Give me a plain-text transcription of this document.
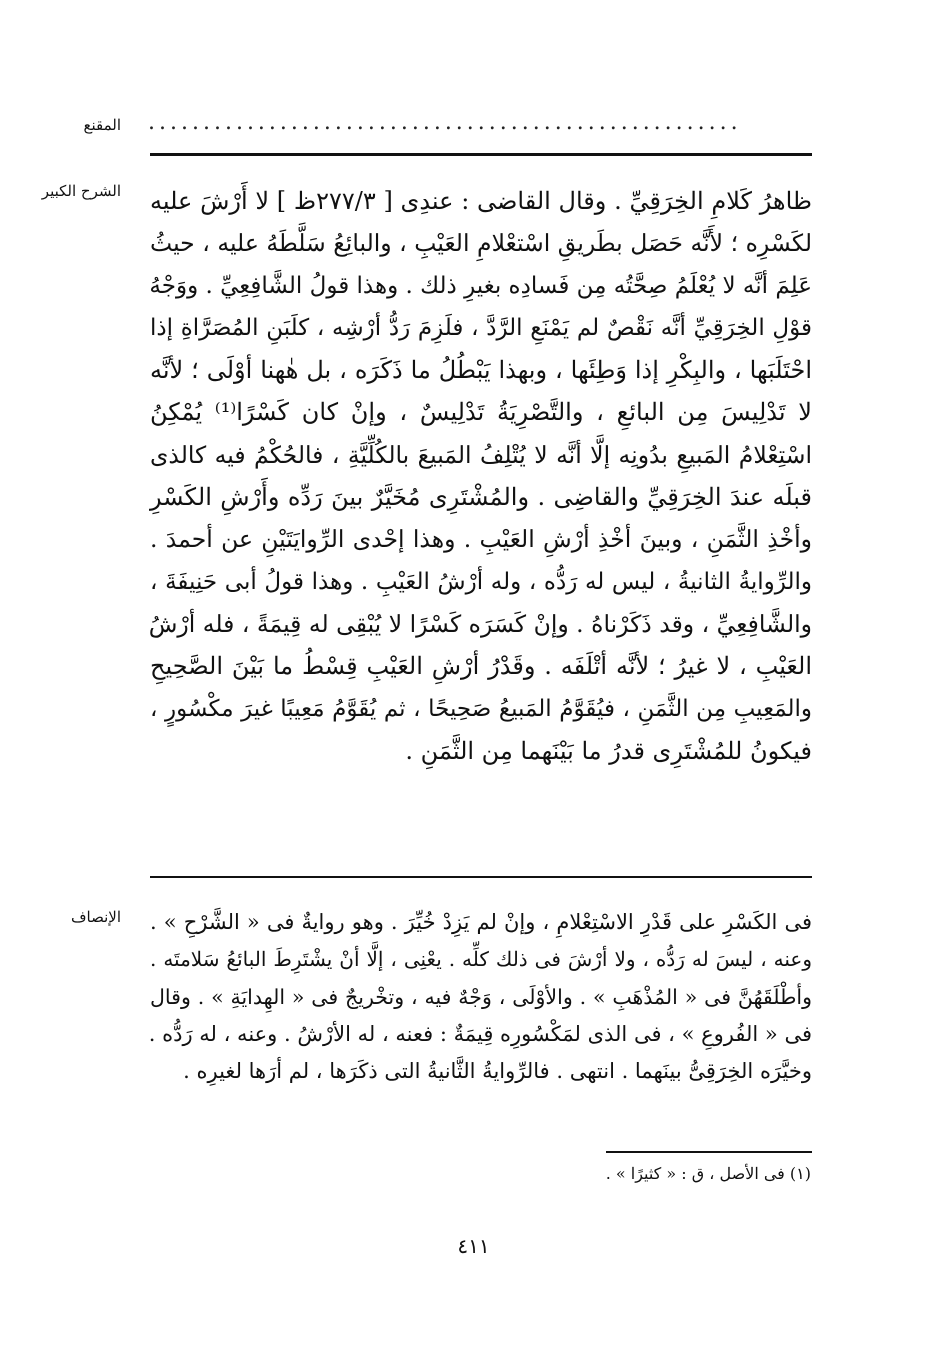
المقنع ......................................................
الشرح الكبير ظاهرُ كَلامِ الخِرَقِيِّ . وقال القاضى : عندِى [ ٢٧٧/٣ظ ] لا أَرْشَ عليه
لكَسْرِه ؛ لأَنَّه حَصَل بطَريقِ اسْتعْلامِ العَيْبِ ، والبائِعُ سَلَّطَهُ عليه ، حيثُ
عَلِمَ أنَّه لا يُعْلَمُ صِحَّتُه مِن فَسادِه بغيرِ ذلك . وهذا قولُ الشَّافِعِيِّ . ووَجْهُ
قوْلِ الخِرَقِيِّ أنَّه نَقْصٌ لم يَمْنَعِ الرَّدَّ ، فلَزِمَ رَدُّ أرْشِه ، كلَبَنِ المُصَرَّاةِ إذا
احْتَلَبَها ، والبِكْرِ إذا وَطِئَها ، وبهذا يَبْطُلُ ما ذَكَرَه ، بل هٰهنا أوْلَى ؛ لأنَّه
لا تَدْلِيسَ مِن البائعِ ، والتَّصْرِيَةُ تَدْلِيسٌ ، وإنْ كان كَسْرًا⁽¹⁾ يُمْكِنُ
اسْتِعْلامُ المَبيعِ بدُونِه إلَّا أنَّه لا يُتْلِفُ المَبيعَ بالكُلِّيَّةِ ، فالحُكْمُ فيه كالذى
قبلَه عندَ الخِرَقِيِّ والقاضِى . والمُشْتَرِى مُخَيَّرٌ بينَ رَدِّه وأَرْشِ الكَسْرِ
وأخْذِ الثَّمَنِ ، وبينَ أخْذِ أرْشِ العَيْبِ . وهذا إحْدى الرِّوايَتَيْنِ عن أحمدَ .
والرِّوايةُ الثانيةُ ، ليس له رَدُّه ، وله أرْشُ العَيْبِ . وهذا قولُ أبى حَنِيفَةَ ،
والشَّافِعِيِّ ، وقد ذَكَرْناهُ . وإنْ كَسَرَه كَسْرًا لا يُبْقِى له قِيمَةً ، فله أرْشُ
العَيْبِ ، لا غيرُ ؛ لأنَّه أتْلَفَه . وقَدْرُ أرْشِ العَيْبِ قِسْطُ ما بَيْنَ الصَّحِيحِ
والمَعِيبِ مِن الثَّمَنِ ، فيُقَوَّمُ المَبيعُ صَحِيحًا ، ثم يُقَوَّمُ مَعِيبًا غيرَ مكْسُورٍ ،
فيكونُ للمُشْتَرِى قدرُ ما بَيْنَهما مِن الثَّمَنِ .
الإنصاف فى الكَسْرِ على قَدْرِ الاسْتِعْلامِ ، وإنْ لم يَزِدْ خُيِّرَ . وهو روايةٌ فى « الشَّرْحِ » .
وعنه ، ليسَ له رَدُّه ، ولا أرْشَ فى ذلك كلِّه . يعْنِى ، إلَّا أنْ يشْتَرِطَ البائعُ سَلامتَه .
وأطْلَقَهُنَّ فى « المُذْهَبِ » . والأوْلَى ، وَجْهٌ فيه ، وتخْريجٌ فى « الهِدايَةِ » . وقال
فى « الفُروعِ » ، فى الذى لمَكْسُورِه قِيمَةٌ : فعنه ، له الأرْشُ . وعنه ، له رَدُّه .
وخيَّرَه الخِرَقِىُّ بينَهما . انتهى . فالرِّوايةُ الثَّانيةُ التى ذكَرَها ، لم أرَها لغيرِه .
(١) فى الأصل ، ق : « كثيرًا » .
٤١١
